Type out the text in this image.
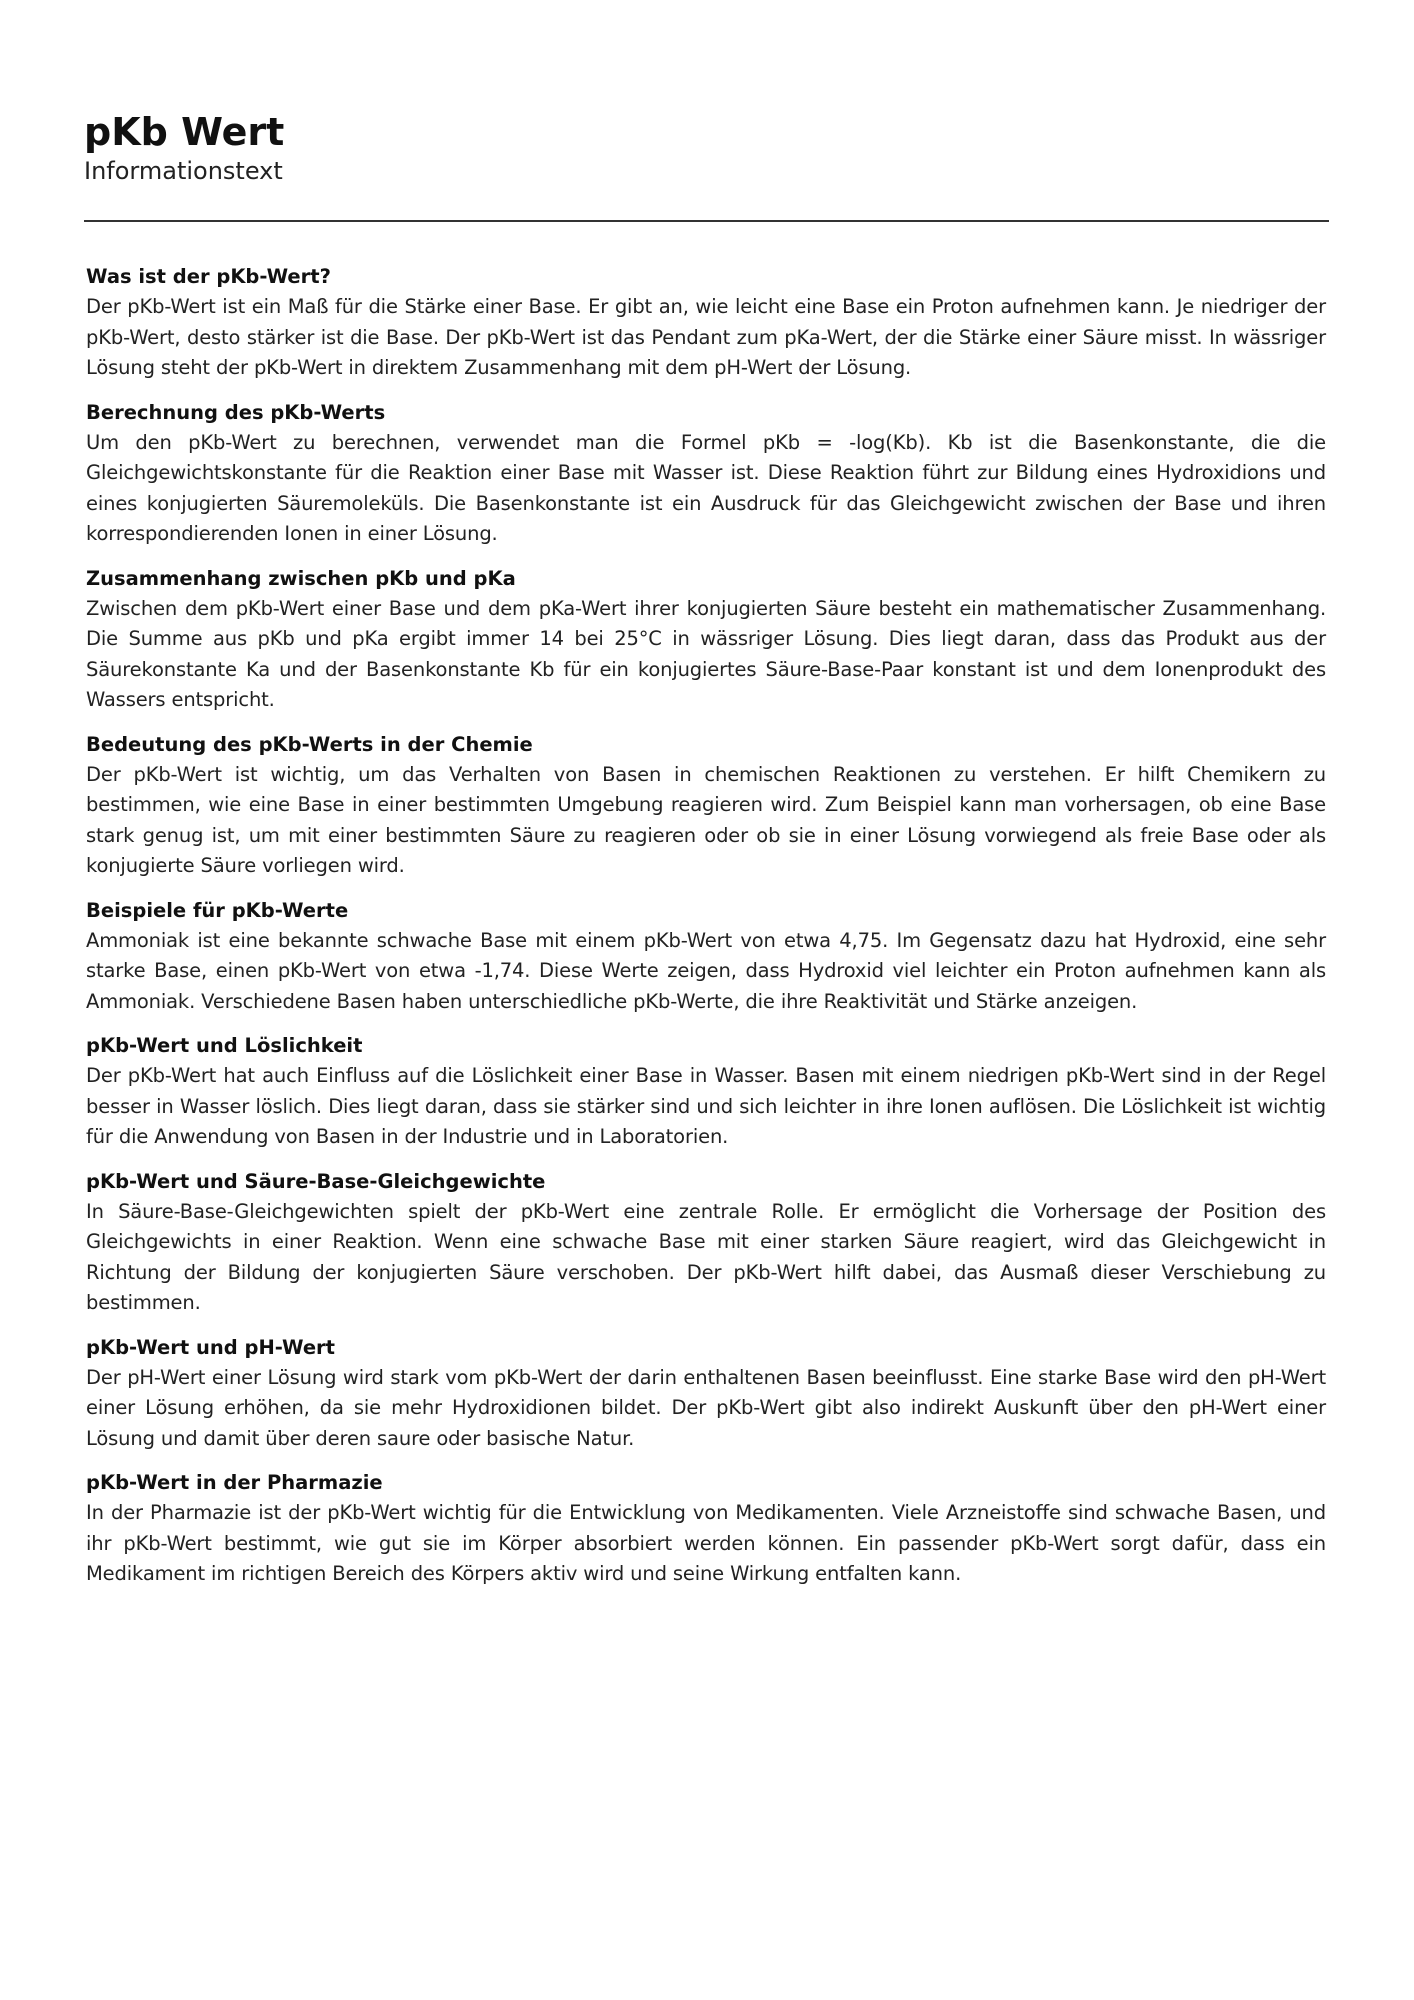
pKb Wert

Informationstext

Was ist der pKb-Wert?

Der pKb-Wert ist ein Maß für die Stärke einer Base. Er gibt an, wie leicht eine Base ein Proton aufnehmen kann. Je niedriger der pKb-Wert, desto stärker ist die Base. Der pKb-Wert ist das Pendant zum pKa-Wert, der die Stärke einer Säure misst. In wässriger Lösung steht der pKb-Wert in direktem Zusammenhang mit dem pH-Wert der Lösung.

Berechnung des pKb-Werts

Um den pKb-Wert zu berechnen, verwendet man die Formel pKb = -log(Kb). Kb ist die Basenkonstante, die die Gleichgewichtskonstante für die Reaktion einer Base mit Wasser ist. Diese Reaktion führt zur Bildung eines Hydroxidions und eines konjugierten Säuremoleküls. Die Basenkonstante ist ein Ausdruck für das Gleichgewicht zwischen der Base und ihren korrespondierenden Ionen in einer Lösung.

Zusammenhang zwischen pKb und pKa

Zwischen dem pKb-Wert einer Base und dem pKa-Wert ihrer konjugierten Säure besteht ein mathematischer Zusammenhang. Die Summe aus pKb und pKa ergibt immer 14 bei 25°C in wässriger Lösung. Dies liegt daran, dass das Produkt aus der Säurekonstante Ka und der Basenkonstante Kb für ein konjugiertes Säure-Base-Paar konstant ist und dem Ionenprodukt des Wassers entspricht.

Bedeutung des pKb-Werts in der Chemie

Der pKb-Wert ist wichtig, um das Verhalten von Basen in chemischen Reaktionen zu verstehen. Er hilft Chemikern zu bestimmen, wie eine Base in einer bestimmten Umgebung reagieren wird. Zum Beispiel kann man vorhersagen, ob eine Base stark genug ist, um mit einer bestimmten Säure zu reagieren oder ob sie in einer Lösung vorwiegend als freie Base oder als konjugierte Säure vorliegen wird.

Beispiele für pKb-Werte

Ammoniak ist eine bekannte schwache Base mit einem pKb-Wert von etwa 4,75. Im Gegensatz dazu hat Hydroxid, eine sehr starke Base, einen pKb-Wert von etwa -1,74. Diese Werte zeigen, dass Hydroxid viel leichter ein Proton aufnehmen kann als Ammoniak. Verschiedene Basen haben unterschiedliche pKb-Werte, die ihre Reaktivität und Stärke anzeigen.

pKb-Wert und Löslichkeit

Der pKb-Wert hat auch Einfluss auf die Löslichkeit einer Base in Wasser. Basen mit einem niedrigen pKb-Wert sind in der Regel besser in Wasser löslich. Dies liegt daran, dass sie stärker sind und sich leichter in ihre Ionen auflösen. Die Löslichkeit ist wichtig für die Anwendung von Basen in der Industrie und in Laboratorien.

pKb-Wert und Säure-Base-Gleichgewichte

In Säure-Base-Gleichgewichten spielt der pKb-Wert eine zentrale Rolle. Er ermöglicht die Vorhersage der Position des Gleichgewichts in einer Reaktion. Wenn eine schwache Base mit einer starken Säure reagiert, wird das Gleichgewicht in Richtung der Bildung der konjugierten Säure verschoben. Der pKb-Wert hilft dabei, das Ausmaß dieser Verschiebung zu bestimmen.

pKb-Wert und pH-Wert

Der pH-Wert einer Lösung wird stark vom pKb-Wert der darin enthaltenen Basen beeinflusst. Eine starke Base wird den pH-Wert einer Lösung erhöhen, da sie mehr Hydroxidionen bildet. Der pKb-Wert gibt also indirekt Auskunft über den pH-Wert einer Lösung und damit über deren saure oder basische Natur.

pKb-Wert in der Pharmazie

In der Pharmazie ist der pKb-Wert wichtig für die Entwicklung von Medikamenten. Viele Arzneistoffe sind schwache Basen, und ihr pKb-Wert bestimmt, wie gut sie im Körper absorbiert werden können. Ein passender pKb-Wert sorgt dafür, dass ein Medikament im richtigen Bereich des Körpers aktiv wird und seine Wirkung entfalten kann.
